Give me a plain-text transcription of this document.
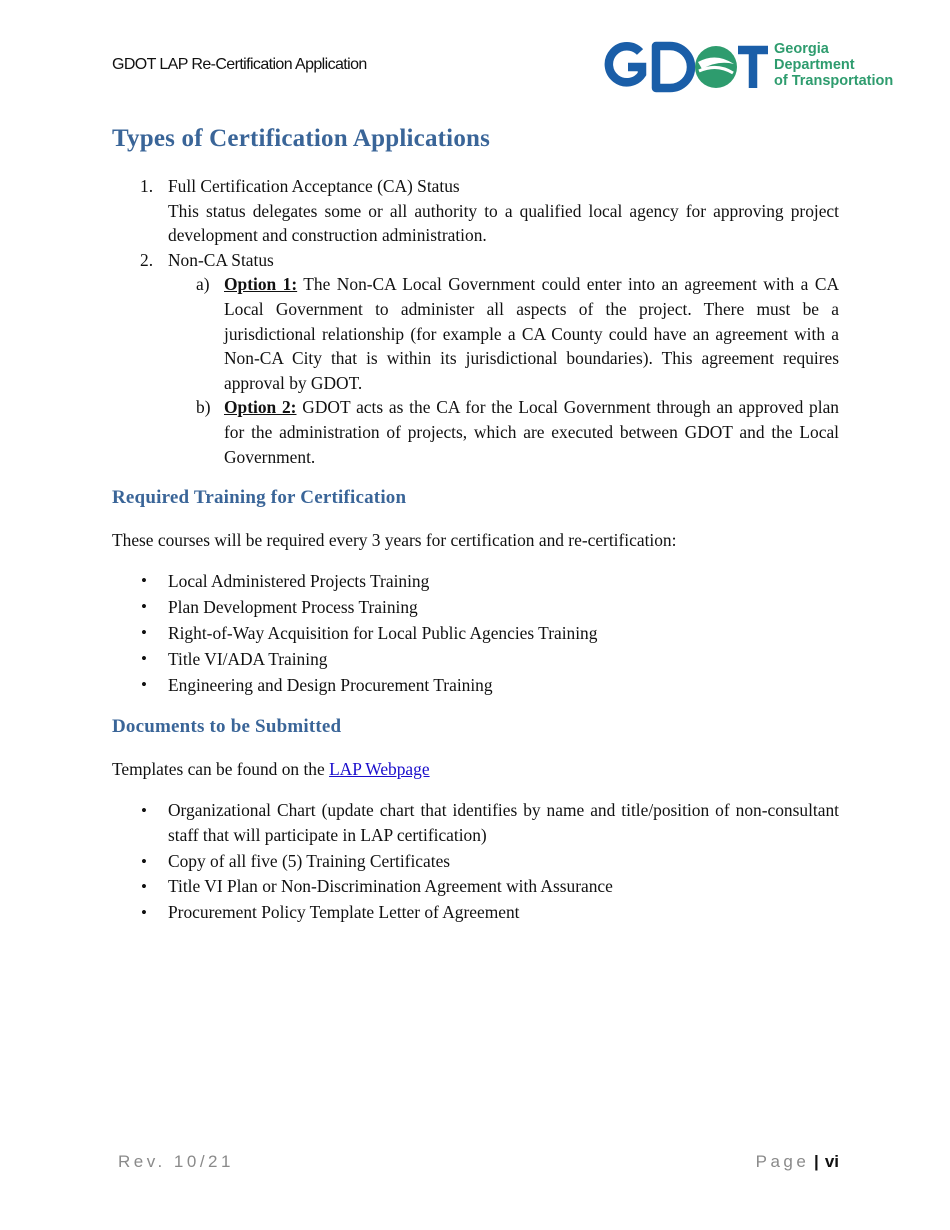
GDOT LAP Re-Certification Application
Georgia
Department
of Transportation
Types of Certification Applications
1. Full Certification Acceptance (CA) Status
This status delegates some or all authority to a qualified local agency for approving project development and construction administration.
2. Non-CA Status
a) Option 1: The Non-CA Local Government could enter into an agreement with a CA Local Government to administer all aspects of the project. There must be a jurisdictional relationship (for example a CA County could have an agreement with a Non-CA City that is within its jurisdictional boundaries). This agreement requires approval by GDOT.
b) Option 2: GDOT acts as the CA for the Local Government through an approved plan for the administration of projects, which are executed between GDOT and the Local Government.
Required Training for Certification

These courses will be required every 3 years for certification and re-certification:

• Local Administered Projects Training
• Plan Development Process Training
• Right-of-Way Acquisition for Local Public Agencies Training
• Title VI/ADA Training
• Engineering and Design Procurement Training
Documents to be Submitted

Templates can be found on the LAP Webpage

• Organizational Chart (update chart that identifies by name and title/position of non-consultant staff that will participate in LAP certification)
• Copy of all five (5) Training Certificates
• Title VI Plan or Non-Discrimination Agreement with Assurance
• Procurement Policy Template Letter of Agreement
Rev. 10/21	Page | vi
